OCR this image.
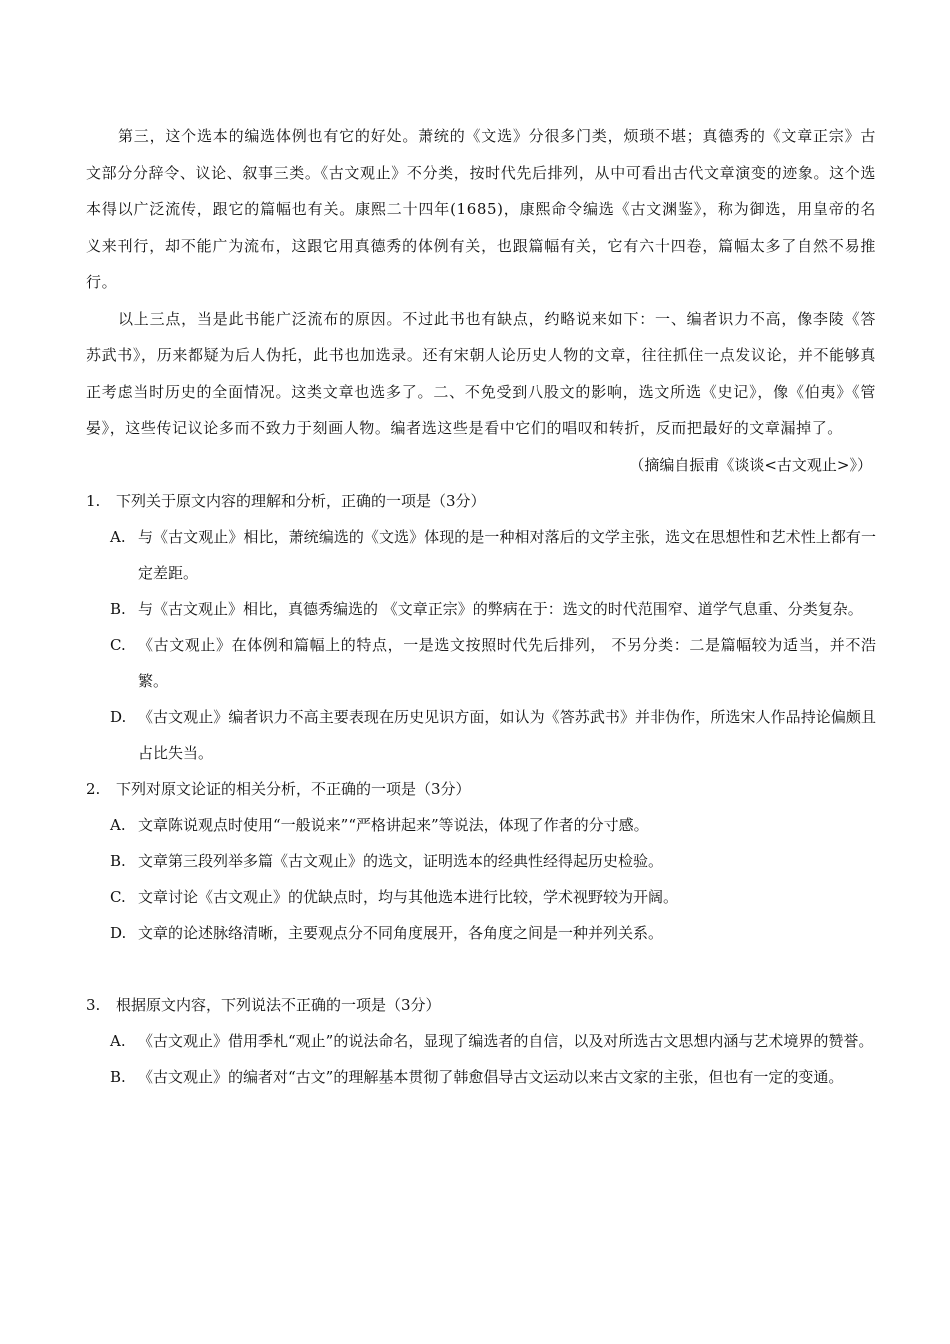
第三，这个选本的编选体例也有它的好处。萧统的《文选》分很多门类，烦琐不堪；真德秀的《文章正宗》古文部分分辞令、议论、叙事三类。《古文观止》不分类，按时代先后排列，从中可看出古代文章演变的迹象。这个选本得以广泛流传，跟它的篇幅也有关。康熙二十四年(1685)，康熙命令编选《古文渊鉴》，称为御选，用皇帝的名义来刊行，却不能广为流布，这跟它用真德秀的体例有关，也跟篇幅有关，它有六十四卷，篇幅太多了自然不易推行。

以上三点，当是此书能广泛流布的原因。不过此书也有缺点，约略说来如下：一、编者识力不高，像李陵《答苏武书》，历来都疑为后人伪托，此书也加选录。还有宋朝人论历史人物的文章，往往抓住一点发议论，并不能够真正考虑当时历史的全面情况。这类文章也选多了。二、不免受到八股文的影响，选文所选《史记》，像《伯夷》《管晏》，这些传记议论多而不致力于刻画人物。编者选这些是看中它们的唱叹和转折，反而把最好的文章漏掉了。

（摘编自振甫《谈谈<古文观止>》）

1.	下列关于原文内容的理解和分析，正确的一项是（3分）
A. 与《古文观止》相比，萧统编选的《文选》体现的是一种相对落后的文学主张，选文在思想性和艺术性上都有一定差距。
B. 与《古文观止》相比，真德秀编选的 《文章正宗》的弊病在于：选文的时代范围窄、道学气息重、分类复杂。
C. 《古文观止》在体例和篇幅上的特点，一是选文按照时代先后排列， 不另分类：二是篇幅较为适当，并不浩繁。
D. 《古文观止》编者识力不高主要表现在历史见识方面，如认为《答苏武书》并非伪作，所选宋人作品持论偏颇且占比失当。
2.	下列对原文论证的相关分析，不正确的一项是（3分）
A. 文章陈说观点时使用“一般说来”“严格讲起来”等说法，体现了作者的分寸感。
B. 文章第三段列举多篇《古文观止》的选文，证明选本的经典性经得起历史检验。
C. 文章讨论《古文观止》的优缺点时，均与其他选本进行比较，学术视野较为开阔。
D. 文章的论述脉络清晰，主要观点分不同角度展开，各角度之间是一种并列关系。
3.	根据原文内容，下列说法不正确的一项是（3分）
A. 《古文观止》借用季札“观止”的说法命名，显现了编选者的自信，以及对所选古文思想内涵与艺术境界的赞誉。
B. 《古文观止》的编者对“古文”的理解基本贯彻了韩愈倡导古文运动以来古文家的主张，但也有一定的变通。
